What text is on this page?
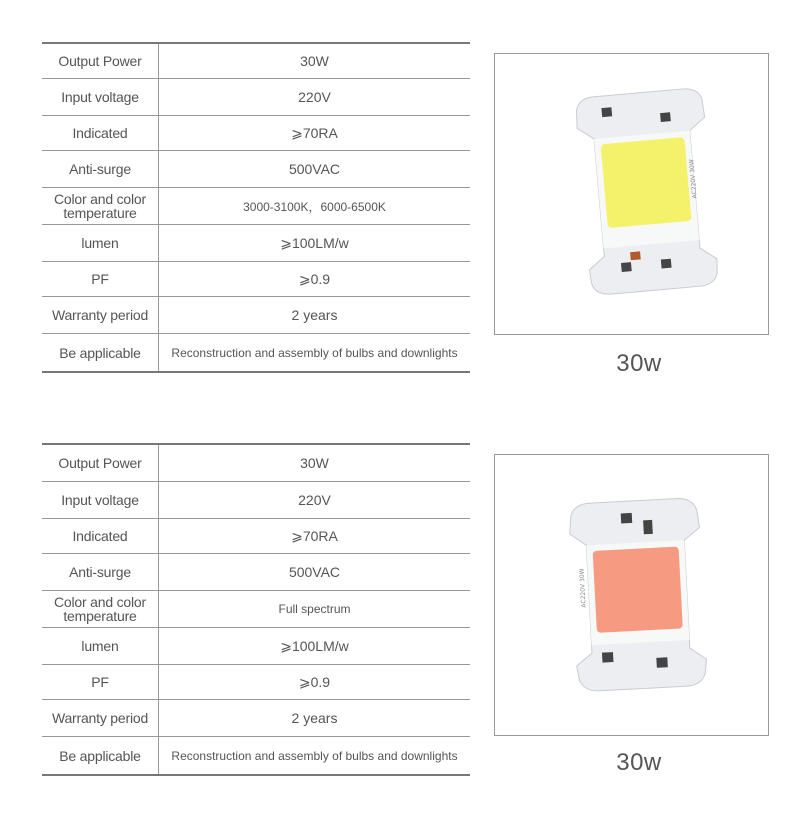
Output Power	30W
Input voltage	220V
Indicated	⩾70RA
Anti-surge	500VAC
Color and color temperature	3000-3100K，6000-6500K
lumen	⩾100LM/w
PF	⩾0.9
Warranty period	2 years
Be applicable	Reconstruction and assembly of bulbs and downlights
AC220V 30W
30w
Output Power	30W
Input voltage	220V
Indicated	⩾70RA
Anti-surge	500VAC
Color and color temperature	Full spectrum
lumen	⩾100LM/w
PF	⩾0.9
Warranty period	2 years
Be applicable	Reconstruction and assembly of bulbs and downlights
AC220V 30W
30w
